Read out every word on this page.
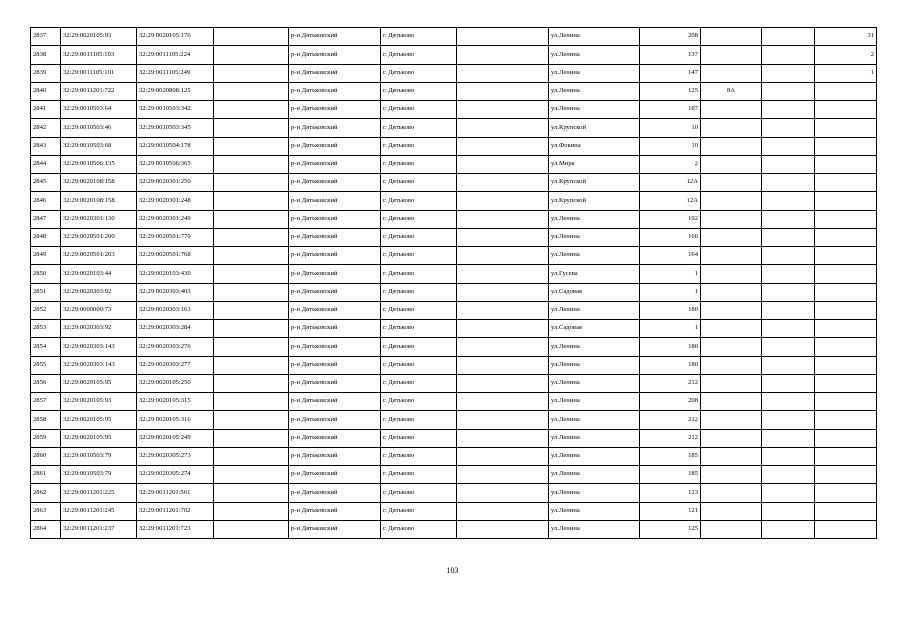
2837	32:29:0020105:93	32:29:0020105:176		р-н Дятьковский	г. Дятьково		ул.Ленина	208			31
2838	32:29:0011105:103	32:29:0011105:224		р-н Дятьковский	г. Дятьково		ул.Ленина	137			2
2839	32:29:0011105:101	32:29:0011105:249		р-н Дятьковский	г. Дятьково		ул.Ленина	147			1
2840	32:29:0011201:722	32:29:0020808:125		р-н Дятьковский	г. Дятьково		ул.Ленина	125	8А		
2841	32:29:0010503:64	32:29:0010503:342		р-н Дятьковский	г. Дятьково		ул.Ленина	187			
2842	32:29:0010503:46	32:29:0010503:345		р-н Дятьковский	г. Дятьково		ул.Крупской	10			
2843	32:29:0010503:68	32:29:0010504:178		р-н Дятьковский	г. Дятьково		ул.Фокина	10			
2844	32:29:0010506:135	32:29:0010506:365		р-н Дятьковский	г. Дятьково		ул.Мира	2			
2845	32:29:0020108:158	32:29:0020301:250		р-н Дятьковский	г. Дятьково		ул.Крупской	12А			
2846	32:29:0020108:158	32:29:0020301:248		р-н Дятьковский	г. Дятьково		ул.Крупской	12А			
2847	32:29:0020301:130	32:29:0020301:249		р-н Дятьковский	г. Дятьково		ул.Ленина	192			
2848	32:29:0020501:200	32:29:0020501:770		р-н Дятьковский	г. Дятьково		ул.Ленина	166			
2849	32:29:0020501:203	32:29:0020501:768		р-н Дятьковский	г. Дятьково		ул.Ленина	164			
2850	32:29:0020103:44	32:29:0020103:430		р-н Дятьковский	г. Дятьково		ул.Гусева	1			
2851	32:29:0020303:92	32:29:0020303:403		р-н Дятьковский	г. Дятьково		ул.Садовая	1			
2852	32:29:0000000:73	32:29:0020303:163		р-н Дятьковский	г. Дятьково		ул.Ленина	180			
2853	32:29:0020303:92	32:29:0020303:284		р-н Дятьковский	г. Дятьково		ул.Садовая	1			
2854	32:29:0020303:143	32:29:0020303:276		р-н Дятьковский	г. Дятьково		ул.Ленина	180			
2855	32:29:0020303:143	32:29:0020303:277		р-н Дятьковский	г. Дятьково		ул.Ленина	180			
2856	32:29:0020105:95	32:29:0020105:250		р-н Дятьковский	г. Дятьково		ул.Ленина	212			
2857	32:29:0020105:93	32:29:0020105:315		р-н Дятьковский	г. Дятьково		ул.Ленина	208			
2858	32:29:0020105:95	32:29:0020105:316		р-н Дятьковский	г. Дятьково		ул.Ленина	212			
2859	32:29:0020105:95	32:29:0020105:249		р-н Дятьковский	г. Дятьково		ул.Ленина	212			
2860	32:29:0010503:79	32:29:0020305:273		р-н Дятьковский	г. Дятьково		ул.Ленина	185			
2861	32:29:0010503:79	32:29:0020305:274		р-н Дятьковский	г. Дятьково		ул.Ленина	185			
2862	32:29:0011201:225	32:29:0011201:561		р-н Дятьковский	г. Дятьково		ул.Ленина	123			
2863	32:29:0011201:245	32:29:0011201:702		р-н Дятьковский	г. Дятьково		ул.Ленина	121			
2864	32:29:0011201:237	32:29:0011201:723		р-н Дятьковский	г. Дятьково		ул.Ленина	125			
103
